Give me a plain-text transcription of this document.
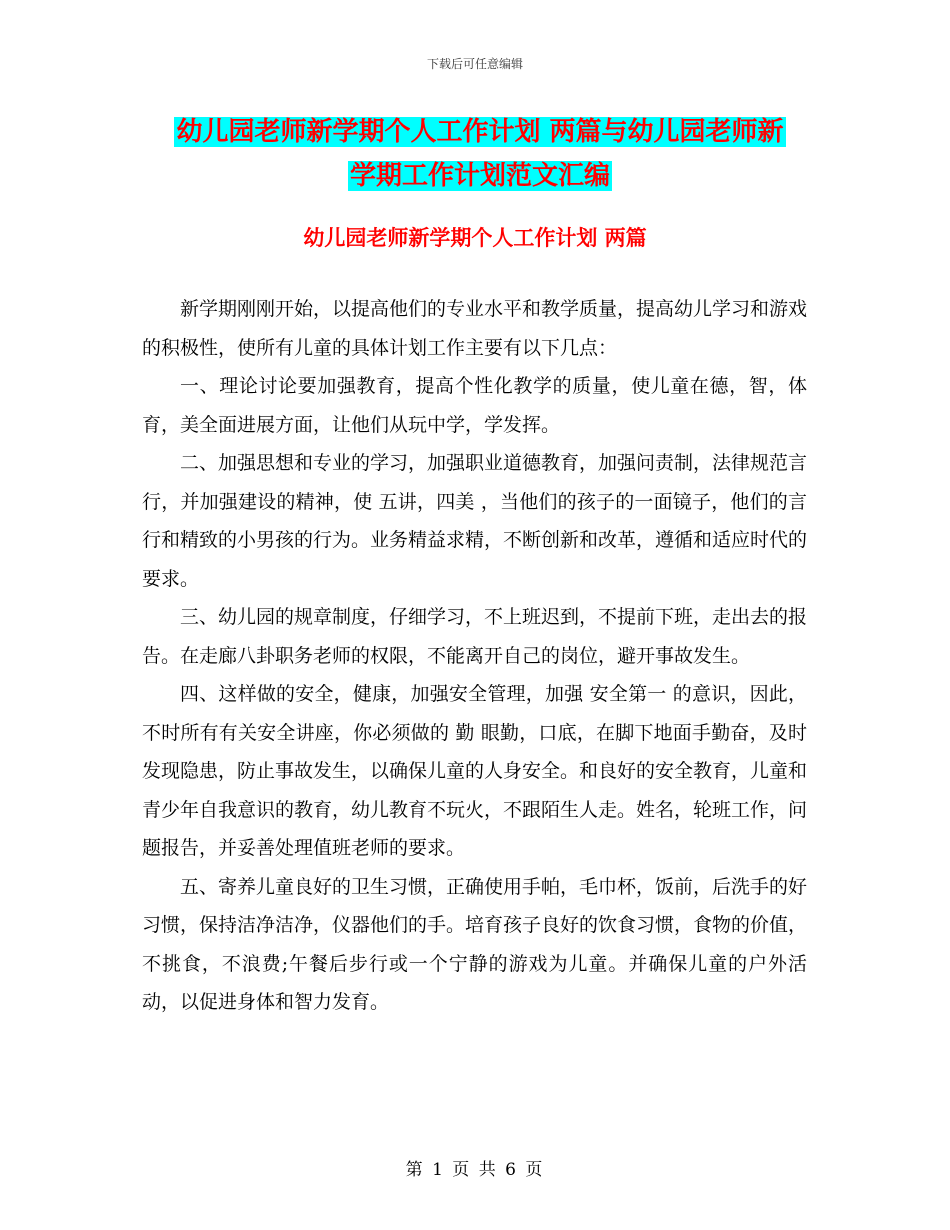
下载后可任意编辑
幼儿园老师新学期个人工作计划 两篇与幼儿园老师新
学期工作计划范文汇编
幼儿园老师新学期个人工作计划 两篇

新学期刚刚开始，以提高他们的专业水平和教学质量，提高幼儿学习和游戏的积极性，使所有儿童的具体计划工作主要有以下几点：

一、理论讨论要加强教育，提高个性化教学的质量，使儿童在德，智，体育，美全面进展方面，让他们从玩中学，学发挥。

二、加强思想和专业的学习，加强职业道德教育，加强问责制，法律规范言行，并加强建设的精神，使 五讲，四美 ，当他们的孩子的一面镜子，他们的言行和精致的小男孩的行为。业务精益求精，不断创新和改革，遵循和适应时代的要求。

三、幼儿园的规章制度，仔细学习，不上班迟到，不提前下班，走出去的报告。在走廊八卦职务老师的权限，不能离开自己的岗位，避开事故发生。

四、这样做的安全，健康，加强安全管理，加强 安全第一 的意识，因此，不时所有有关安全讲座，你必须做的 勤 眼勤，口底，在脚下地面手勤奋，及时发现隐患，防止事故发生，以确保儿童的人身安全。和良好的安全教育，儿童和青少年自我意识的教育，幼儿教育不玩火，不跟陌生人走。姓名，轮班工作，问题报告，并妥善处理值班老师的要求。

五、寄养儿童良好的卫生习惯，正确使用手帕，毛巾杯，饭前，后洗手的好习惯，保持洁净洁净，仪器他们的手。培育孩子良好的饮食习惯，食物的价值，不挑食，不浪费;午餐后步行或一个宁静的游戏为儿童。并确保儿童的户外活动，以促进身体和智力发育。

第 1 页 共 6 页
